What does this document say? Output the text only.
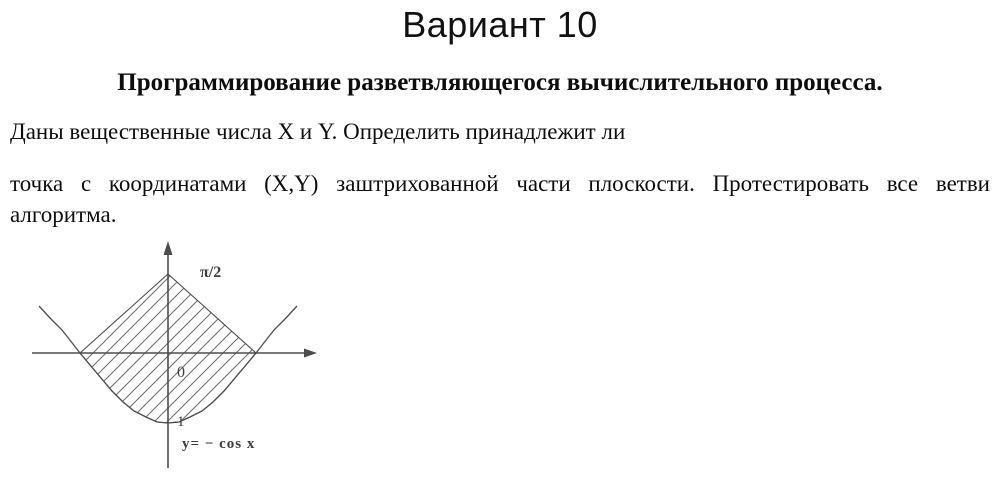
Вариант 10
Программирование разветвляющегося вычислительного процесса.

Даны вещественные числа X и Y. Определить принадлежит ли

точка с координатами (X,Y) заштрихованной части плоскости. Протестировать все ветви
алгоритма.
π/2
0
-1
y= − cos x
